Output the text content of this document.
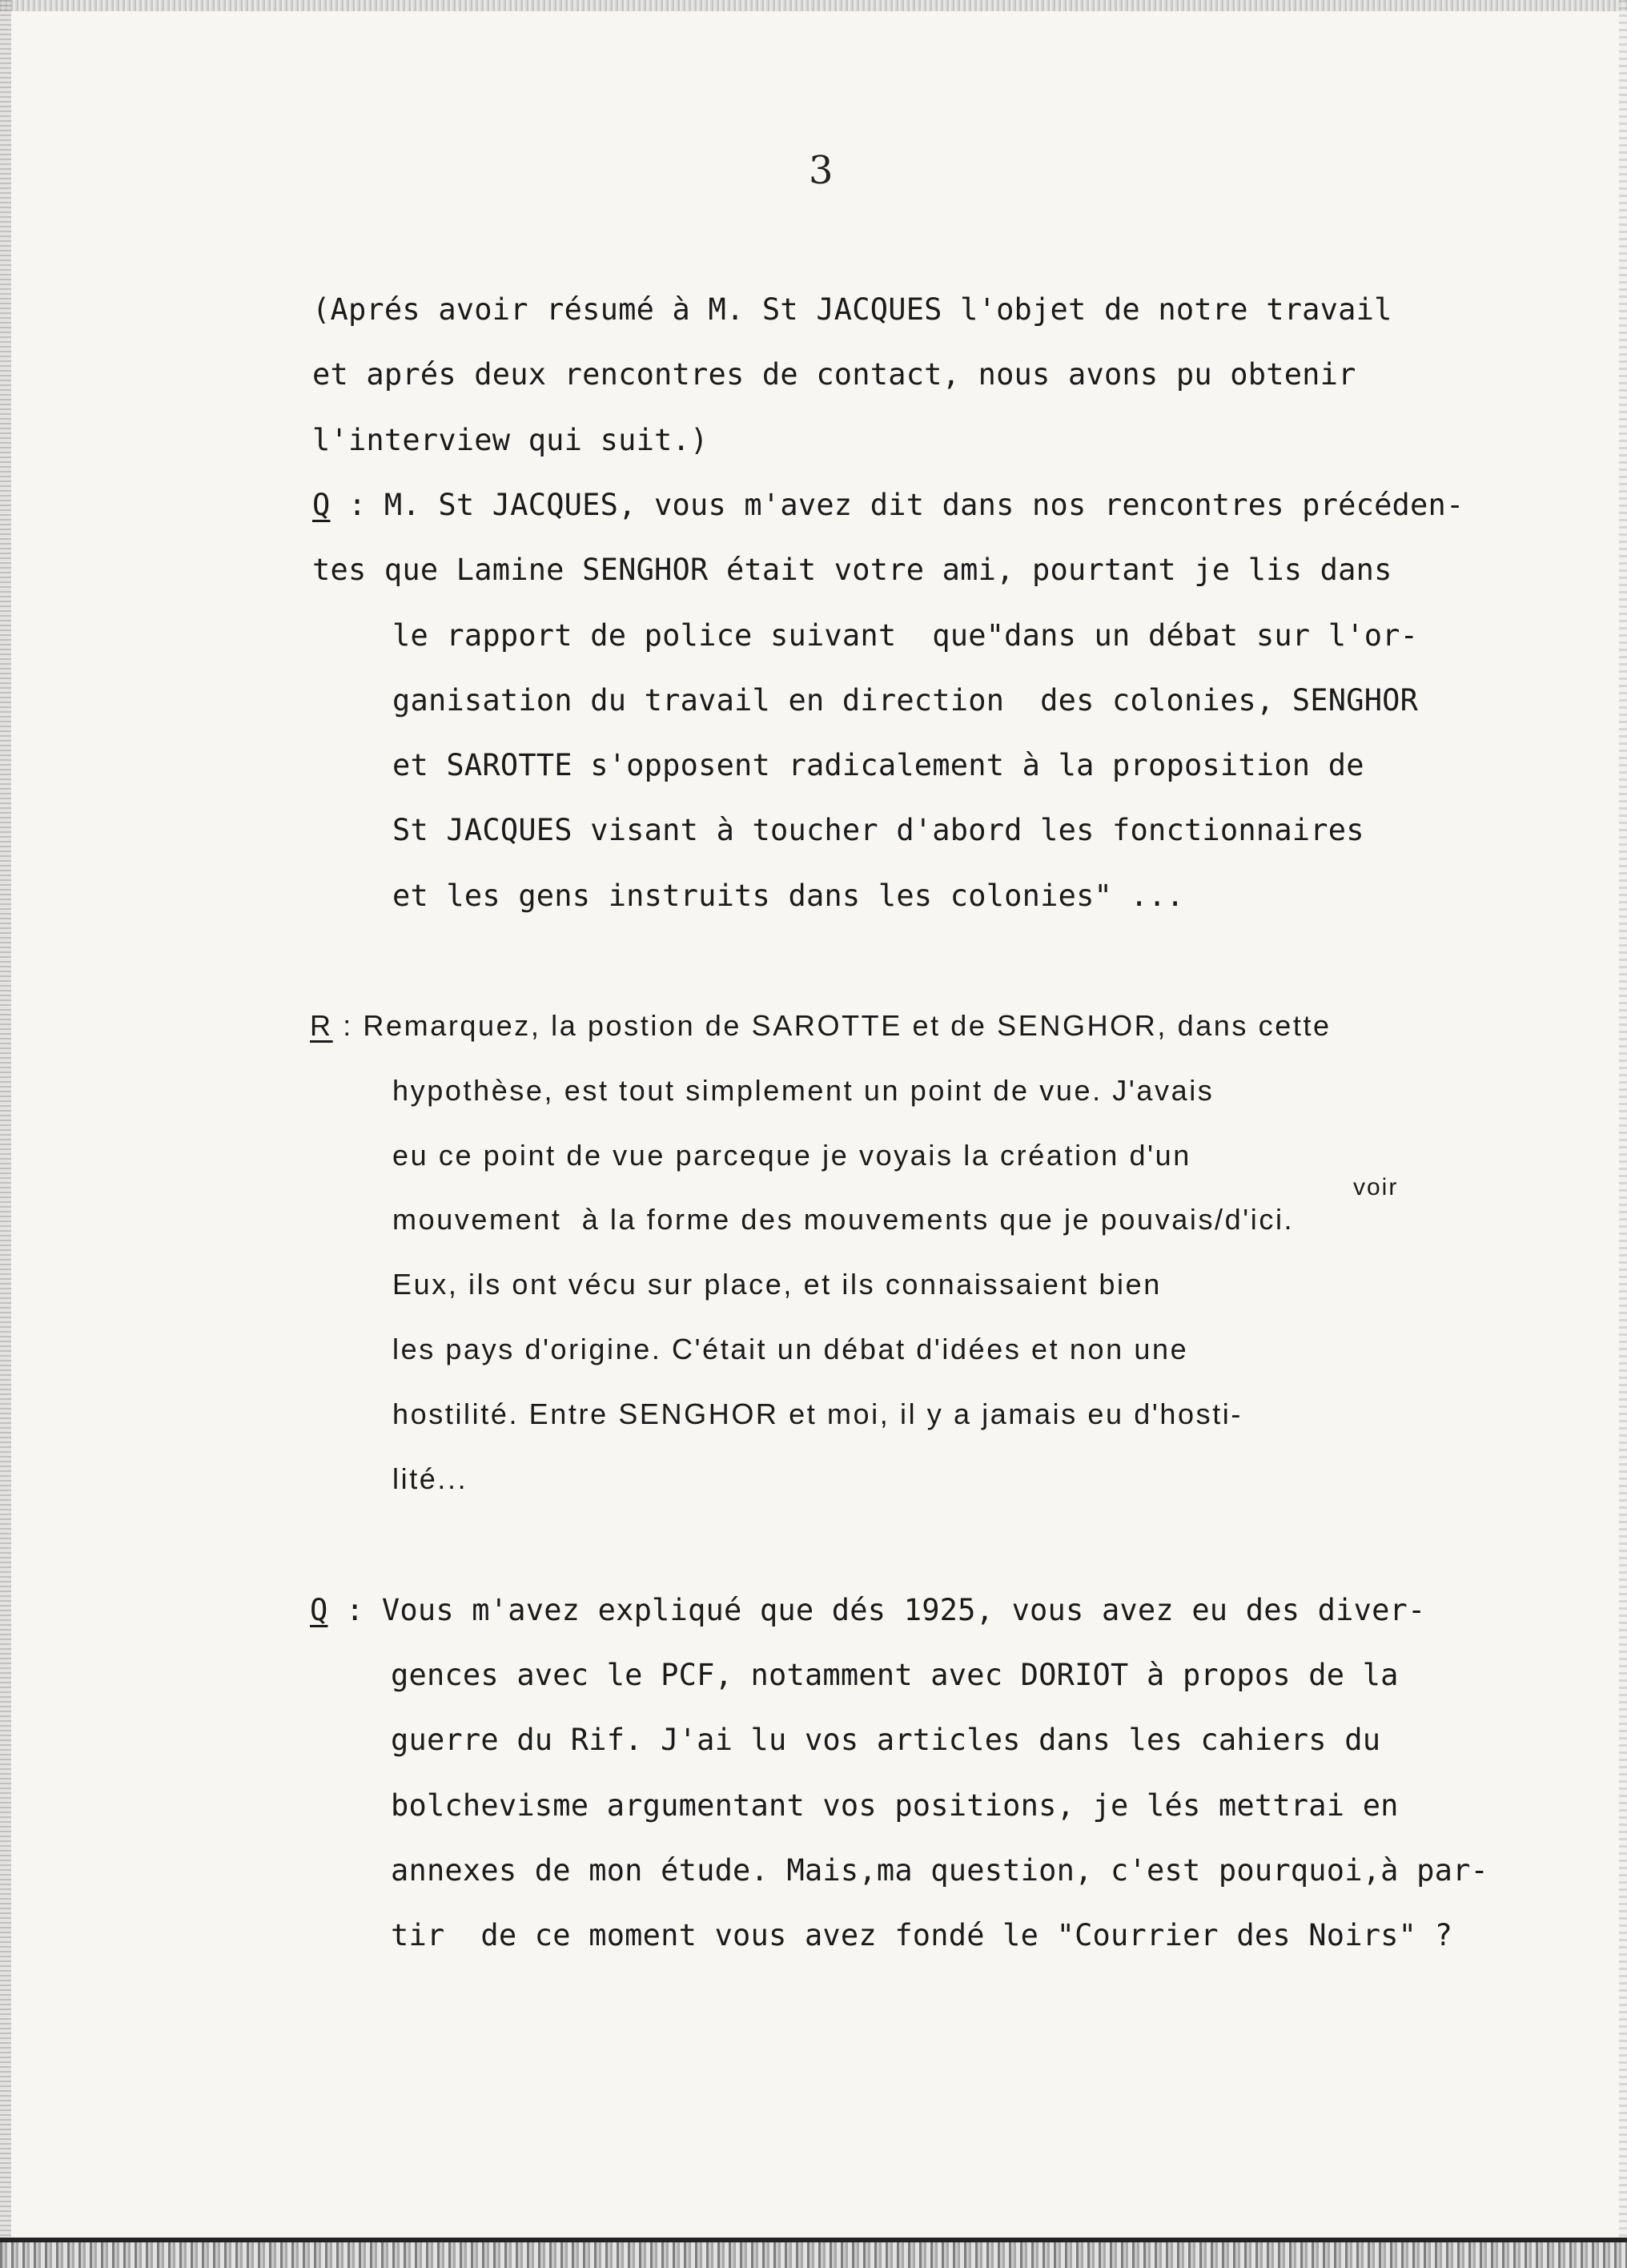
3
(Aprés avoir résumé à M. St JACQUES l'objet de notre travail
et aprés deux rencontres de contact, nous avons pu obtenir
l'interview qui suit.)
Q : M. St JACQUES, vous m'avez dit dans nos rencontres précéden-
tes que Lamine SENGHOR était votre ami, pourtant je lis dans
le rapport de police suivant  que"dans un débat sur l'or-
ganisation du travail en direction  des colonies, SENGHOR
et SAROTTE s'opposent radicalement à la proposition de
St JACQUES visant à toucher d'abord les fonctionnaires
et les gens instruits dans les colonies" ...
R : Remarquez, la postion de SAROTTE et de SENGHOR, dans cette
hypothèse, est tout simplement un point de vue. J'avais
eu ce point de vue parceque je voyais la création d'un
voir
mouvement  à la forme des mouvements que je pouvais/d'ici.
Eux, ils ont vécu sur place, et ils connaissaient bien
les pays d'origine. C'était un débat d'idées et non une
hostilité. Entre SENGHOR et moi, il y a jamais eu d'hosti-
lité...
Q : Vous m'avez expliqué que dés 1925, vous avez eu des diver-
gences avec le PCF, notamment avec DORIOT à propos de la
guerre du Rif. J'ai lu vos articles dans les cahiers du
bolchevisme argumentant vos positions, je lés mettrai en
annexes de mon étude. Mais,ma question, c'est pourquoi,à par-
tir  de ce moment vous avez fondé le "Courrier des Noirs" ?
